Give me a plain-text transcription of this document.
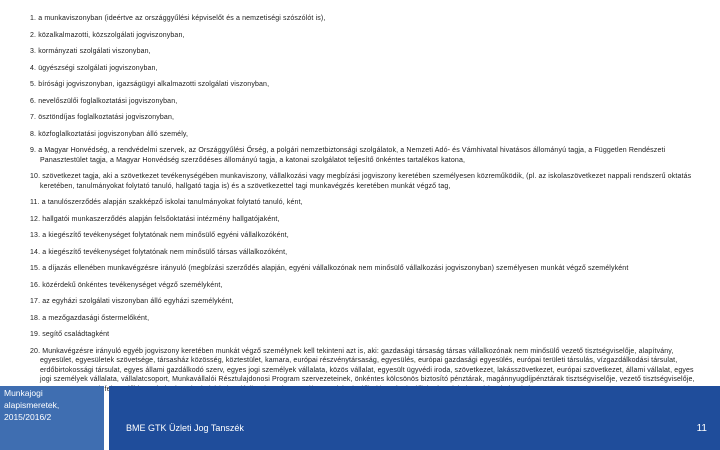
1. a munkaviszonyban (ideértve az országgyűlési képviselőt és a nemzetiségi szószólót is),
2. közalkalmazotti, közszolgálati jogviszonyban,
3. kormányzati szolgálati viszonyban,
4. ügyészségi szolgálati jogviszonyban,
5. bírósági jogviszonyban, igazságügyi alkalmazotti szolgálati viszonyban,
6. nevelőszülői foglalkoztatási jogviszonyban,
7. ösztöndíjas foglalkoztatási jogviszonyban,
8. közfoglalkoztatási jogviszonyban álló személy,
9. a Magyar Honvédség, a rendvédelmi szervek, az Országgyűlési Őrség, a polgári nemzetbiztonsági szolgálatok, a Nemzeti Adó- és Vámhivatal hivatásos állományú tagja, a Független Rendészeti Panasztestület tagja, a Magyar Honvédség szerződéses állományú tagja, a katonai szolgálatot teljesítő önkéntes tartalékos katona,
10. szövetkezet tagja, aki a szövetkezet tevékenységében munkaviszony, vállalkozási vagy megbízási jogviszony keretében személyesen közreműködik, (pl. az iskolaszövetkezet nappali rendszerű oktatás keretében, tanulmányokat folytató tanuló, hallgató tagja is) és a szövetkezettel tagi munkavégzés keretében munkát végző tag,
11. a tanulószerződés alapján szakképző iskolai tanulmányokat folytató tanuló, ként,
12. hallgatói munkaszerződés alapján felsőoktatási intézmény hallgatójaként,
13. a kiegészítő tevékenységet folytatónak nem minősülő egyéni vállalkozóként,
14. a kiegészítő tevékenységet folytatónak nem minősülő társas vállalkozóként,
15. a díjazás ellenében munkavégzésre irányuló (megbízási szerződés alapján, egyéni vállalkozónak nem minősülő vállalkozási jogviszonyban) személyesen munkát végző személyként
16. közérdekű önkéntes tevékenységet végző személyként,
17. az egyházi szolgálati viszonyban álló egyházi személyként,
18. a mezőgazdasági őstermelőként,
19. segítő családtagként
20. Munkavégzésre irányuló egyéb jogviszony keretében munkát végző személynek kell tekinteni azt is, aki: gazdasági társaság társas vállalkozónak nem minősülő vezető tisztségviselője, alapítvány, egyesület, egyesületek szövetsége, társasház közösség, köztestület, kamara, európai részvénytársaság, egyesülés, európai gazdasági egyesülés, európai területi társulás, vízgazdálkodási társulat, erdőbirtokossági társulat, egyes állami gazdálkodó szerv, egyes jogi személyek vállalata, közös vállalat, egyesült ügyvédi iroda, szövetkezet, lakásszövetkezet, európai szövetkezet, állami vállalat, egyes jogi személyek vállalata, vállalatcsoport, Munkavállalói Résztulajdonosi Program szervezeteinek, önkéntes kölcsönös biztosító pénztárak, magánnyugdíjpénztárak tisztségviselője, vezető tisztségviselője,
Munkajogi
alapismeretek,
2015/2016/2
BME GTK Üzleti Jog Tanszék	11
